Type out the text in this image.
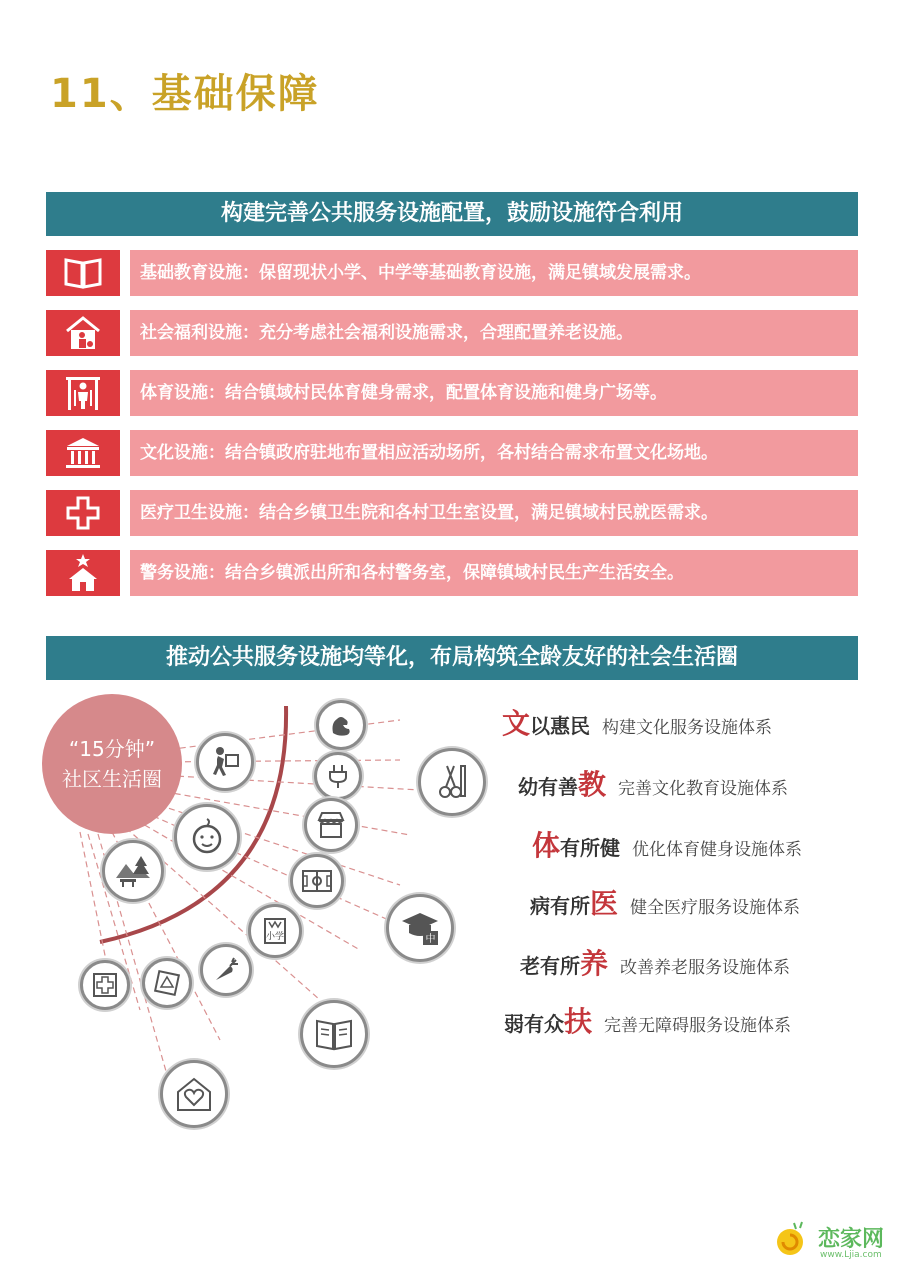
11、基础保障
构建完善公共服务设施配置，鼓励设施符合利用
基础教育设施：保留现状小学、中学等基础教育设施，满足镇域发展需求。
社会福利设施：充分考虑社会福利设施需求，合理配置养老设施。
体育设施：结合镇域村民体育健身需求，配置体育设施和健身广场等。
文化设施：结合镇政府驻地布置相应活动场所，各村结合需求布置文化场地。
医疗卫生设施：结合乡镇卫生院和各村卫生室设置，满足镇域村民就医需求。
警务设施：结合乡镇派出所和各村警务室，保障镇域村民生产生活安全。
推动公共服务设施均等化，布局构筑全龄友好的社会生活圈
“15分钟”
社区生活圈
中
小学
文以惠民 构建文化服务设施体系
幼有善教 完善文化教育设施体系
体有所健 优化体育健身设施体系
病有所医 健全医疗服务设施体系
老有所养 改善养老服务设施体系
弱有众扶 完善无障碍服务设施体系
恋家网
www.Ljia.com
